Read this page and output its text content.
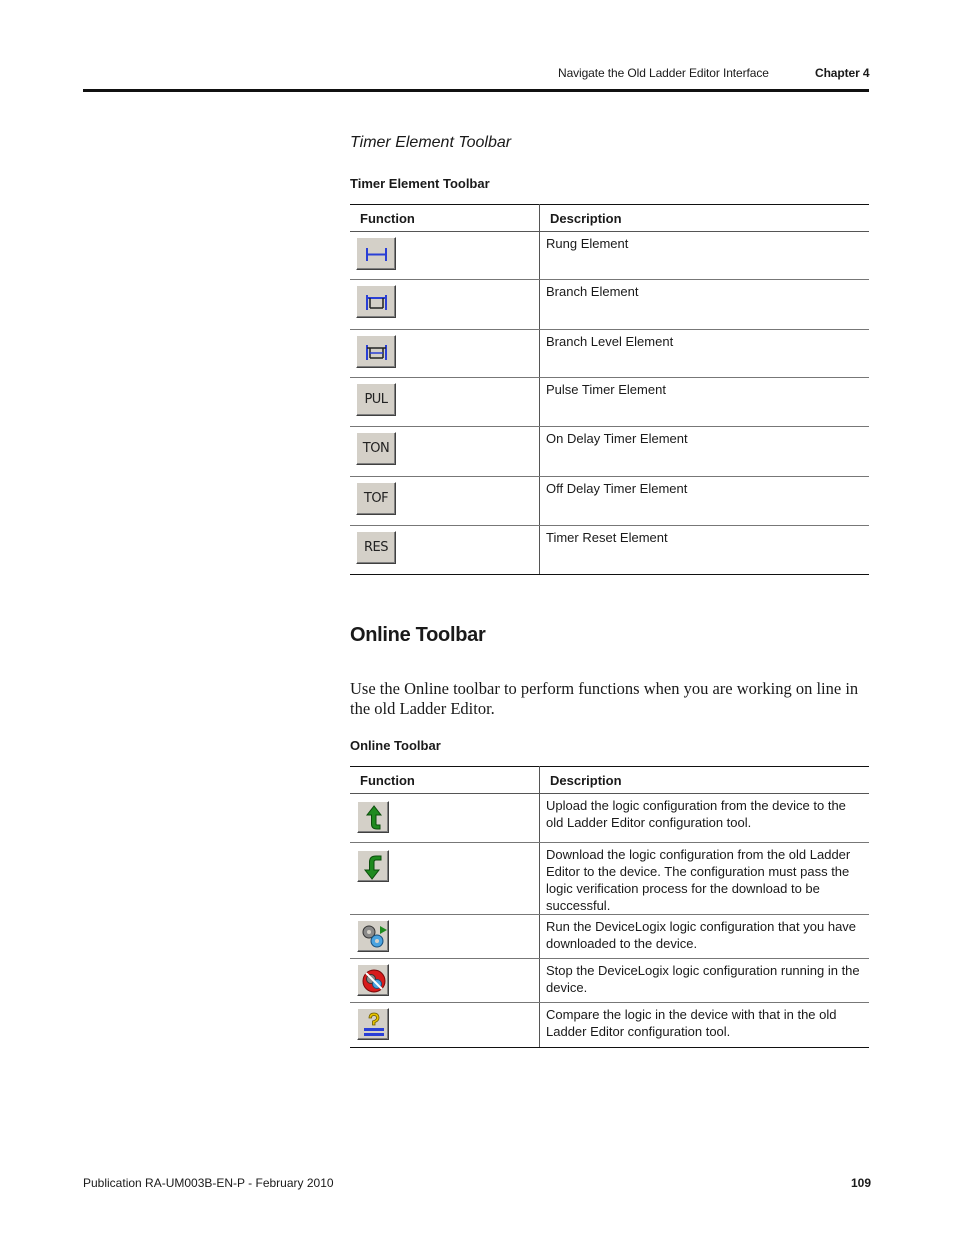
Navigate the Old Ladder Editor Interface	Chapter 4
Timer Element Toolbar
Timer Element Toolbar
Function	Description

	Rung Element

	Branch Element

	Branch Level Element
PUL	Pulse Timer Element
TON	On Delay Timer Element
TOF	Off Delay Timer Element
RES	Timer Reset Element
Online Toolbar
Use the Online toolbar to perform functions when you are working on line in the old Ladder Editor.
Online Toolbar
Function	Description

	Upload the logic configuration from the device to the old Ladder Editor configuration tool.

	Download the logic configuration from the old Ladder Editor to the device. The configuration must pass the logic verification process for the download to be successful.

	Run the DeviceLogix logic configuration that you have downloaded to the device.

	Stop the DeviceLogix logic configuration running in the device.

	Compare the logic in the device with that in the old Ladder Editor configuration tool.
Publication RA-UM003B-EN-P - February 2010	109
